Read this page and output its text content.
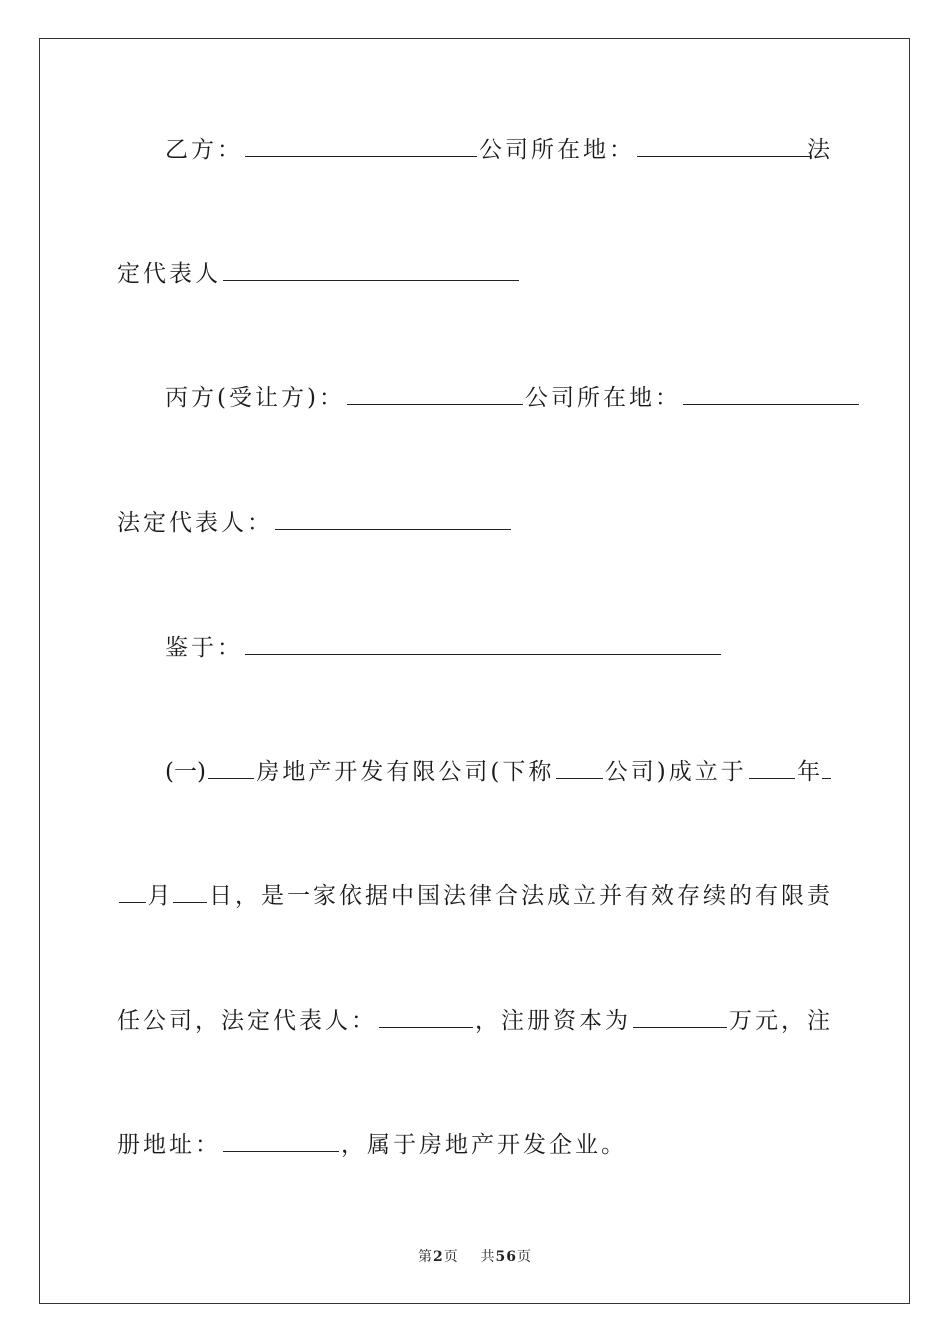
乙方：	公司所在地：	法
定代表人
丙方(受让方)：	公司所在地：
法定代表人：
鉴于：
(一) 房地产开发有限公司(下称 公司)成立于 年
月 日，是一家依据中国法律合法成立并有效存续的有限责
任公司，法定代表人：	，注册资本为	万元，注
册地址：	，属于房地产开发企业。
第2页 共56页
